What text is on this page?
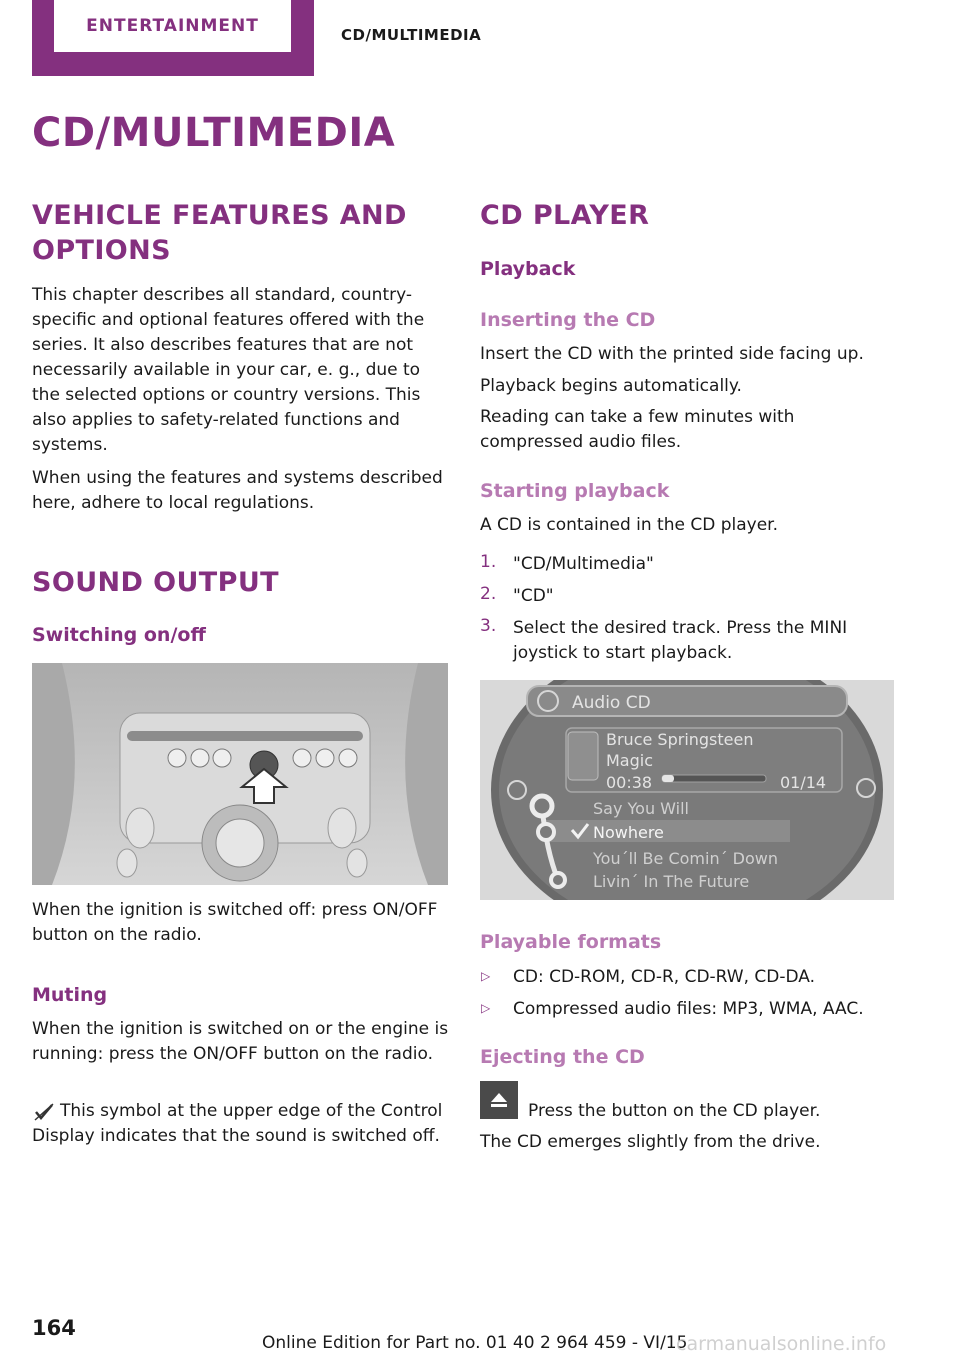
ENTERTAINMENT	CD/MULTIMEDIA
CD/MULTIMEDIA
VEHICLE FEATURES AND OPTIONS
This chapter describes all standard, country-specific and optional features offered with the series. It also describes features that are not necessarily available in your car, e. g., due to the selected options or country versions. This also applies to safety-related functions and systems.
When using the features and systems described here, adhere to local regulations.
SOUND OUTPUT
Switching on/off
When the ignition is switched off: press ON/OFF button on the radio.
Muting
When the ignition is switched on or the engine is running: press the ON/OFF button on the radio.
This symbol at the upper edge of the Control Display indicates that the sound is switched off.
CD PLAYER
Playback
Inserting the CD
Insert the CD with the printed side facing up.
Playback begins automatically.
Reading can take a few minutes with compressed audio files.
Starting playback
A CD is contained in the CD player.
1. "CD/Multimedia"
2. "CD"
3. Select the desired track. Press the MINI joystick to start playback.
Audio CD
Bruce Springsteen
Magic
00:38	01/14
Say You Will
Nowhere
You´ll Be Comin´ Down
Livin´ In The Future
Playable formats
▷ CD: CD-ROM, CD-R, CD-RW, CD-DA.
▷ Compressed audio files: MP3, WMA, AAC.
Ejecting the CD
Press the button on the CD player.
The CD emerges slightly from the drive.
164
Online Edition for Part no. 01 40 2 964 459 - VI/15
carmanualsonline.info
